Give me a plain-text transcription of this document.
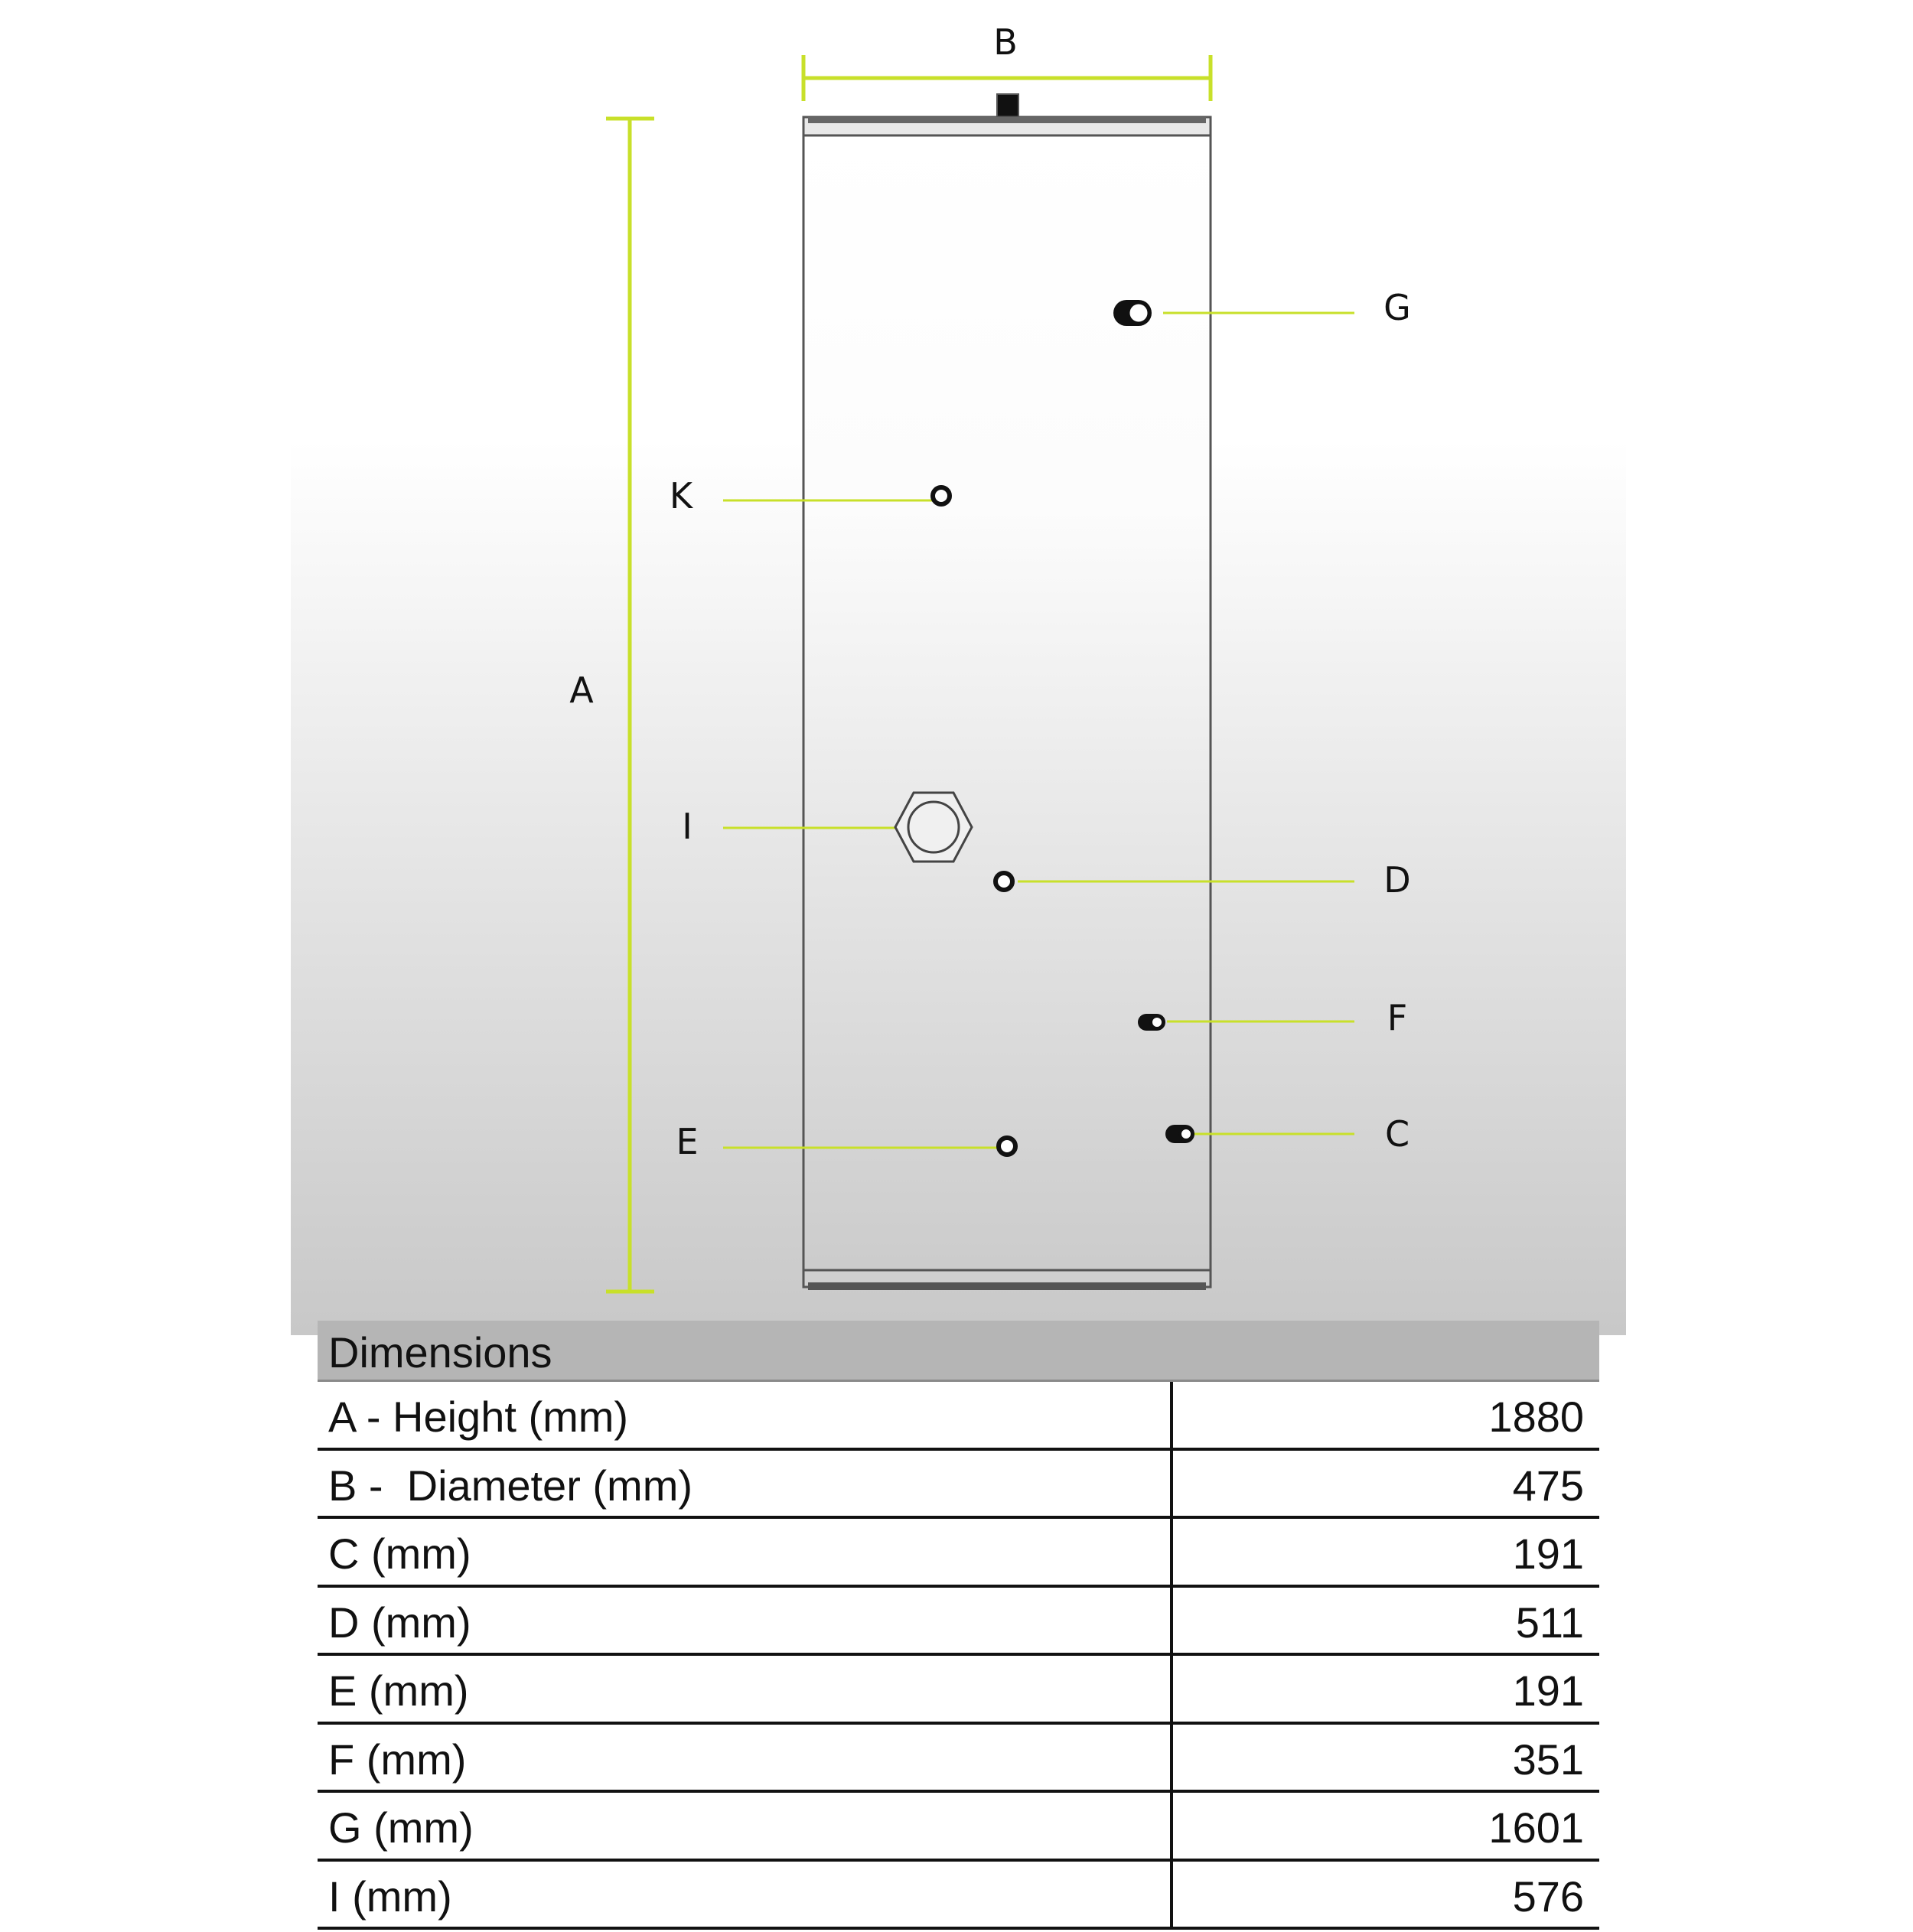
B
A
G
K
I
D
F
C
E
Dimensions
A - Height (mm)	1880
B -  Diameter (mm)	475
C (mm)	191
D (mm)	511
E (mm)	191
F (mm)	351
G (mm)	1601
I (mm)	576
